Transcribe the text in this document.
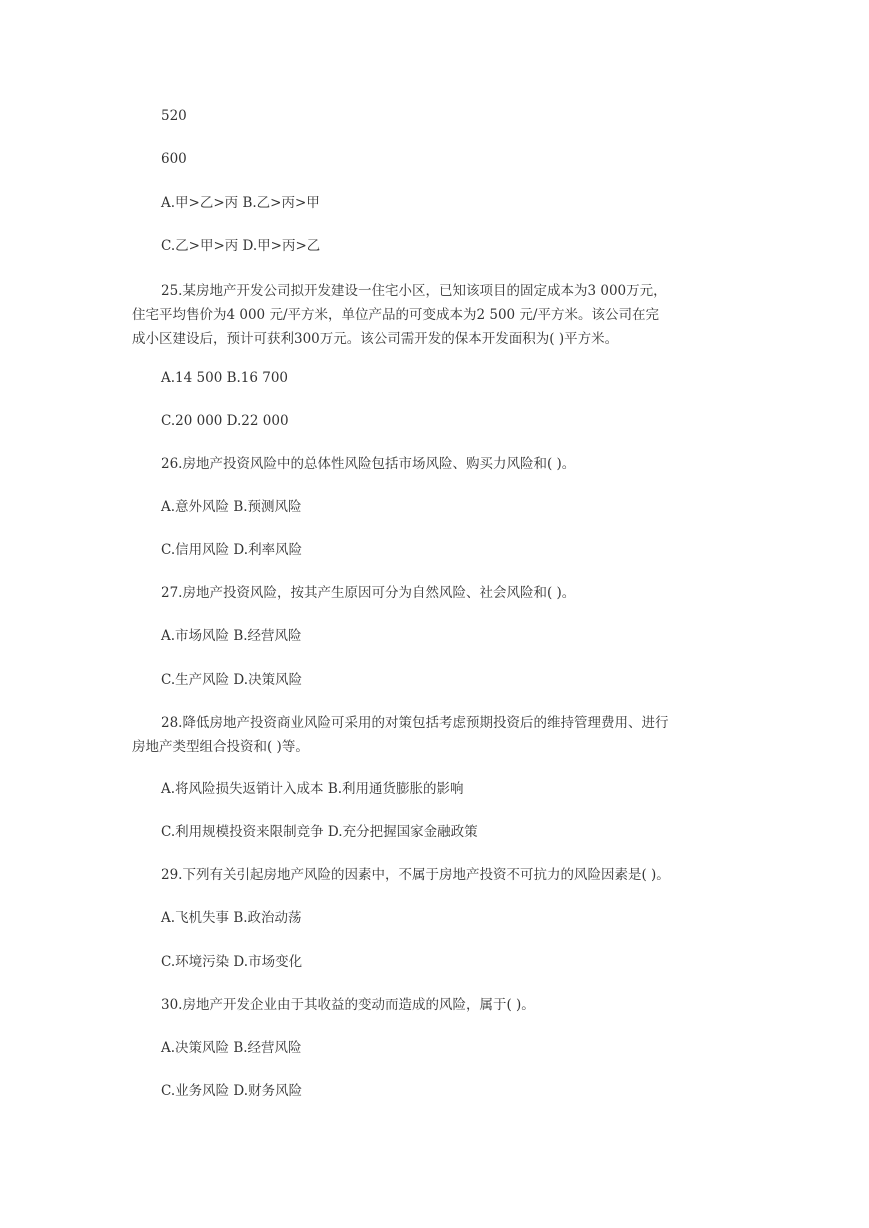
520
600
A.甲>乙>丙 B.乙>丙>甲
C.乙>甲>丙 D.甲>丙>乙
25.某房地产开发公司拟开发建设一住宅小区，已知该项目的固定成本为3 000万元，
住宅平均售价为4 000 元/平方米，单位产品的可变成本为2 500 元/平方米。该公司在完
成小区建设后，预计可获利300万元。该公司需开发的保本开发面积为( )平方米。
A.14 500 B.16 700
C.20 000 D.22 000
26.房地产投资风险中的总体性风险包括市场风险、购买力风险和( )。
A.意外风险 B.预测风险
C.信用风险 D.利率风险
27.房地产投资风险，按其产生原因可分为自然风险、社会风险和( )。
A.市场风险 B.经营风险
C.生产风险 D.决策风险
28.降低房地产投资商业风险可采用的对策包括考虑预期投资后的维持管理费用、进行
房地产类型组合投资和( )等。
A.将风险损失返销计入成本 B.利用通货膨胀的影响
C.利用规模投资来限制竞争 D.充分把握国家金融政策
29.下列有关引起房地产风险的因素中，不属于房地产投资不可抗力的风险因素是( )。
A.飞机失事 B.政治动荡
C.环境污染 D.市场变化
30.房地产开发企业由于其收益的变动而造成的风险，属于( )。
A.决策风险 B.经营风险
C.业务风险 D.财务风险
